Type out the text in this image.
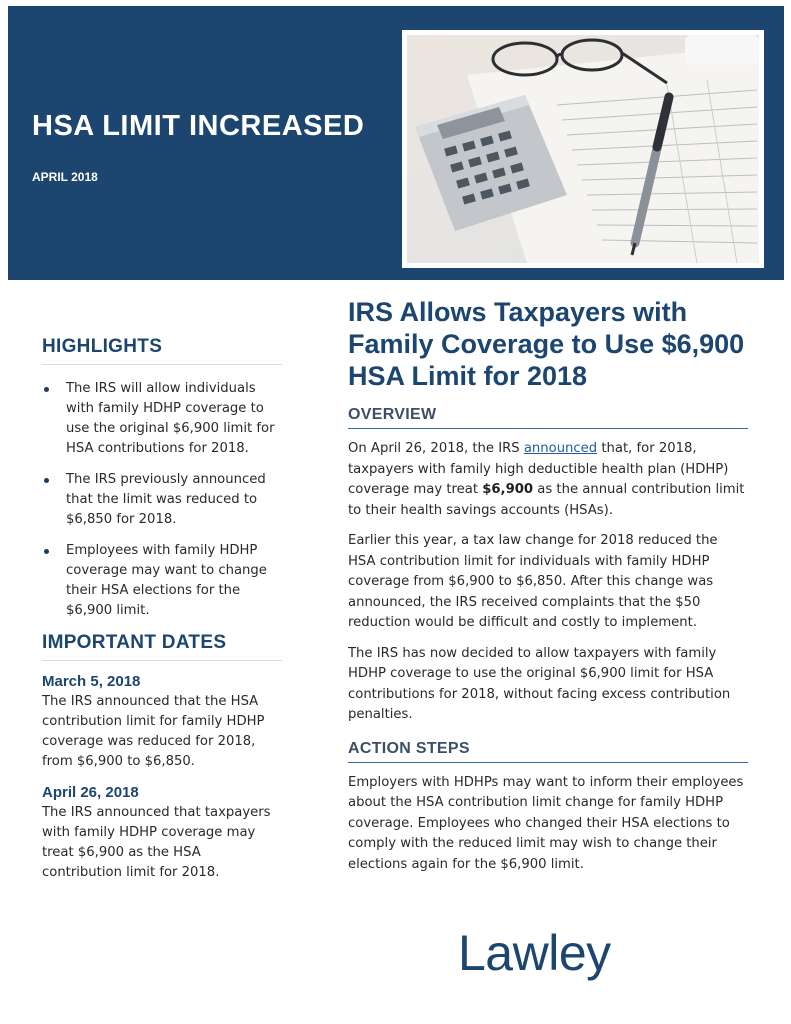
HSA LIMIT INCREASED
APRIL 2018
HIGHLIGHTS
The IRS will allow individuals with family HDHP coverage to use the original $6,900 limit for HSA contributions for 2018.
The IRS previously announced that the limit was reduced to $6,850 for 2018.
Employees with family HDHP coverage may want to change their HSA elections for the $6,900 limit.
IMPORTANT DATES
March 5, 2018

The IRS announced that the HSA contribution limit for family HDHP coverage was reduced for 2018, from $6,900 to $6,850.

April 26, 2018

The IRS announced that taxpayers with family HDHP coverage may treat $6,900 as the HSA contribution limit for 2018.

IRS Allows Taxpayers with Family Coverage to Use $6,900 HSA Limit for 2018
OVERVIEW

On April 26, 2018, the IRS announced that, for 2018, taxpayers with family high deductible health plan (HDHP) coverage may treat $6,900 as the annual contribution limit to their health savings accounts (HSAs).

Earlier this year, a tax law change for 2018 reduced the HSA contribution limit for individuals with family HDHP coverage from $6,900 to $6,850. After this change was announced, the IRS received complaints that the $50 reduction would be difficult and costly to implement.

The IRS has now decided to allow taxpayers with family HDHP coverage to use the original $6,900 limit for HSA contributions for 2018, without facing excess contribution penalties.

ACTION STEPS

Employers with HDHPs may want to inform their employees about the HSA contribution limit change for family HDHP coverage. Employees who changed their HSA elections to comply with the reduced limit may wish to change their elections again for the $6,900 limit.

Lawley
